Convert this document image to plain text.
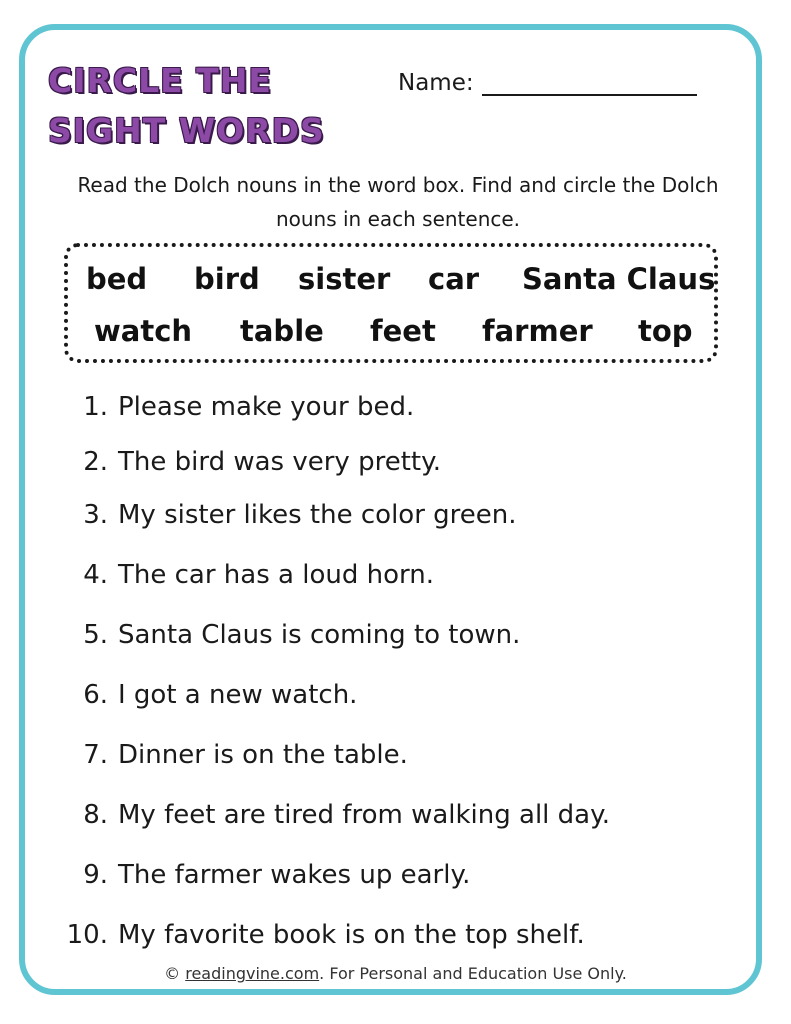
CIRCLE THE
SIGHT WORDS
Name:

Read the Dolch nouns in the word box. Find and circle the Dolch nouns in each sentence.

bed bird sister car Santa Claus
watch table feet farmer top
1. Please make your bed.
2. The bird was very pretty.
3. My sister likes the color green.
4. The car has a loud horn.
5. Santa Claus is coming to town.
6. I got a new watch.
7. Dinner is on the table.
8. My feet are tired from walking all day.
9. The farmer wakes up early.
10. My favorite book is on the top shelf.
© readingvine.com. For Personal and Education Use Only.
